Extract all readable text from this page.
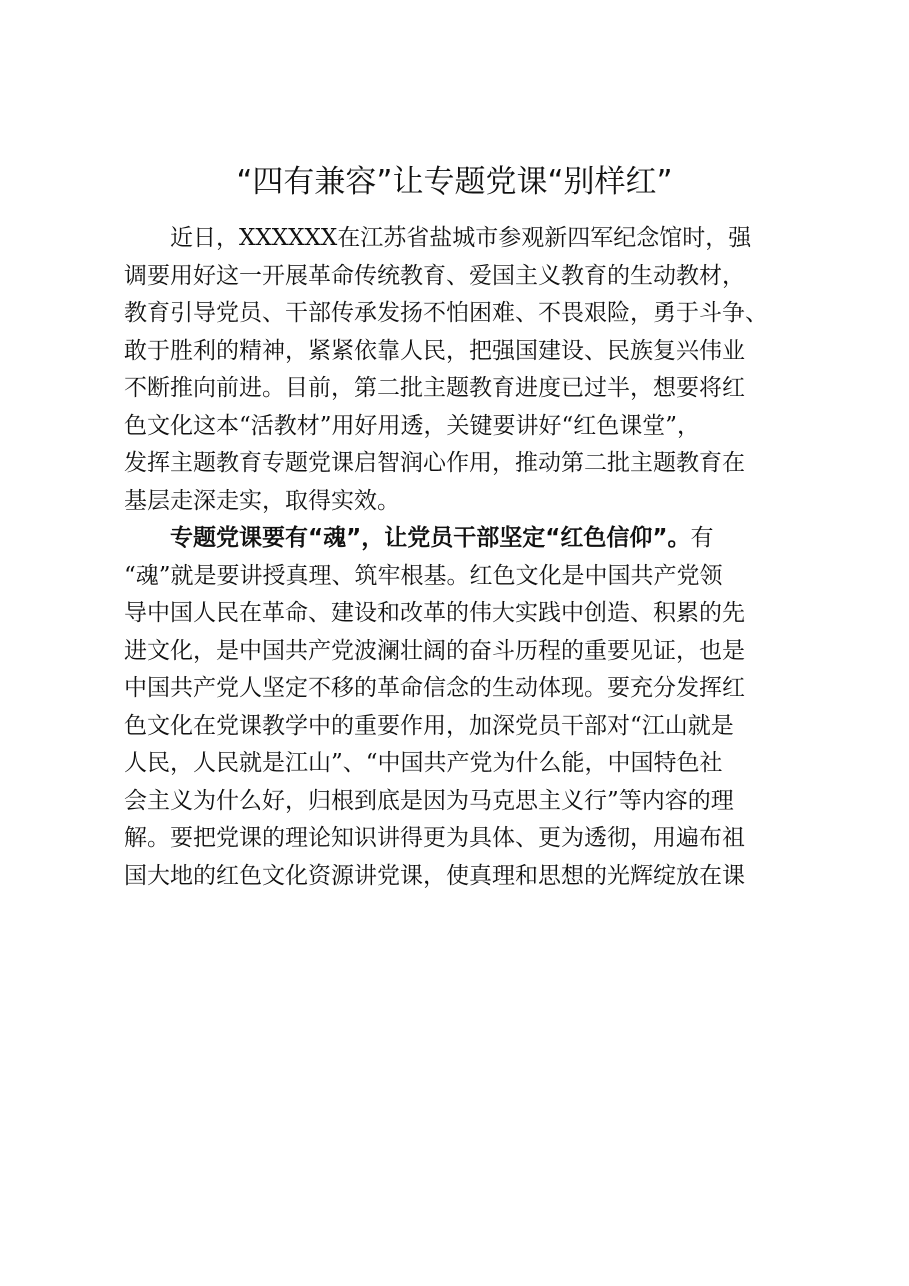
“四有兼容”让专题党课“别样红”
近日，XXXXXX在江苏省盐城市参观新四军纪念馆时，强
调要用好这一开展革命传统教育、爱国主义教育的生动教材，
教育引导党员、干部传承发扬不怕困难、不畏艰险，勇于斗争、
敢于胜利的精神，紧紧依靠人民，把强国建设、民族复兴伟业
不断推向前进。目前，第二批主题教育进度已过半，想要将红
色文化这本“活教材”用好用透，关键要讲好“红色课堂”，
发挥主题教育专题党课启智润心作用，推动第二批主题教育在
基层走深走实，取得实效。
专题党课要有“魂”，让党员干部坚定“红色信仰”。有
“魂”就是要讲授真理、筑牢根基。红色文化是中国共产党领
导中国人民在革命、建设和改革的伟大实践中创造、积累的先
进文化，是中国共产党波澜壮阔的奋斗历程的重要见证，也是
中国共产党人坚定不移的革命信念的生动体现。要充分发挥红
色文化在党课教学中的重要作用，加深党员干部对“江山就是
人民，人民就是江山”、“中国共产党为什么能，中国特色社
会主义为什么好，归根到底是因为马克思主义行”等内容的理
解。要把党课的理论知识讲得更为具体、更为透彻，用遍布祖
国大地的红色文化资源讲党课，使真理和思想的光辉绽放在课
